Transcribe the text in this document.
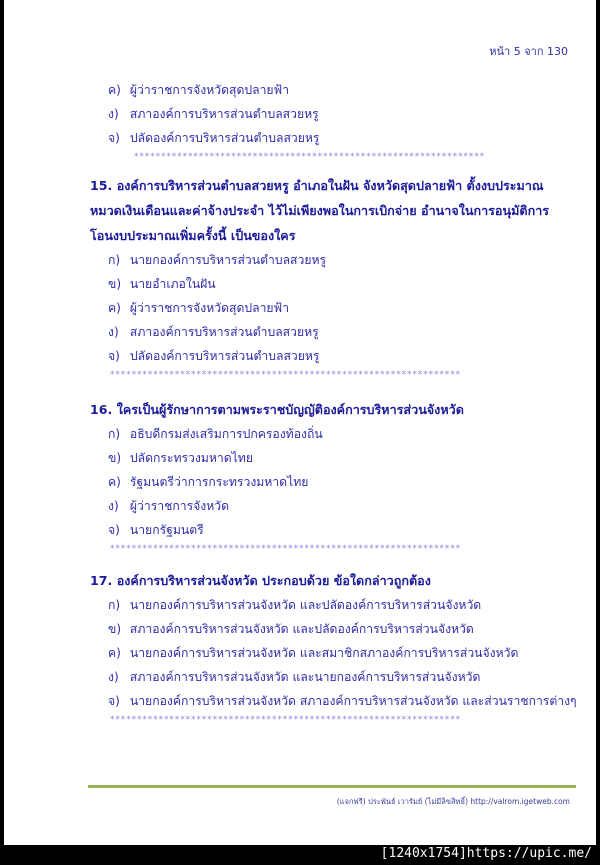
หน้า 5 จาก 130
ค) ผู้ว่าราชการจังหวัดสุดปลายฟ้า
ง) สภาองค์การบริหารส่วนตำบลสวยหรู
จ) ปลัดองค์การบริหารส่วนตำบลสวยหรู
*****************************************************************
15. องค์การบริหารส่วนตำบลสวยหรู อำเภอในฝัน จังหวัดสุดปลายฟ้า ตั้งงบประมาณ
หมวดเงินเดือนและค่าจ้างประจำ ไว้ไม่เพียงพอในการเบิกจ่าย อำนาจในการอนุมัติการ
โอนงบประมาณเพิ่มครั้งนี้ เป็นของใคร
ก) นายกองค์การบริหารส่วนตำบลสวยหรู
ข) นายอำเภอในฝัน
ค) ผู้ว่าราชการจังหวัดสุดปลายฟ้า
ง) สภาองค์การบริหารส่วนตำบลสวยหรู
จ) ปลัดองค์การบริหารส่วนตำบลสวยหรู
*****************************************************************
16. ใครเป็นผู้รักษาการตามพระราชบัญญัติองค์การบริหารส่วนจังหวัด
ก) อธิบดีกรมส่งเสริมการปกครองท้องถิ่น
ข) ปลัดกระทรวงมหาดไทย
ค) รัฐมนตรีว่าการกระทรวงมหาดไทย
ง) ผู้ว่าราชการจังหวัด
จ) นายกรัฐมนตรี
*****************************************************************
17. องค์การบริหารส่วนจังหวัด ประกอบด้วย ข้อใดกล่าวถูกต้อง
ก) นายกองค์การบริหารส่วนจังหวัด และปลัดองค์การบริหารส่วนจังหวัด
ข) สภาองค์การบริหารส่วนจังหวัด และปลัดองค์การบริหารส่วนจังหวัด
ค) นายกองค์การบริหารส่วนจังหวัด และสมาชิกสภาองค์การบริหารส่วนจังหวัด
ง) สภาองค์การบริหารส่วนจังหวัด และนายกองค์การบริหารส่วนจังหวัด
จ) นายกองค์การบริหารส่วนจังหวัด สภาองค์การบริหารส่วนจังหวัด และส่วนราชการต่างๆ
*****************************************************************
(แจกฟรี) ประพันธ์ เวารัมย์ (ไม่มีลิขสิทธิ์) http://valrom.igetweb.com
[1240x1754]https://upic.me/
